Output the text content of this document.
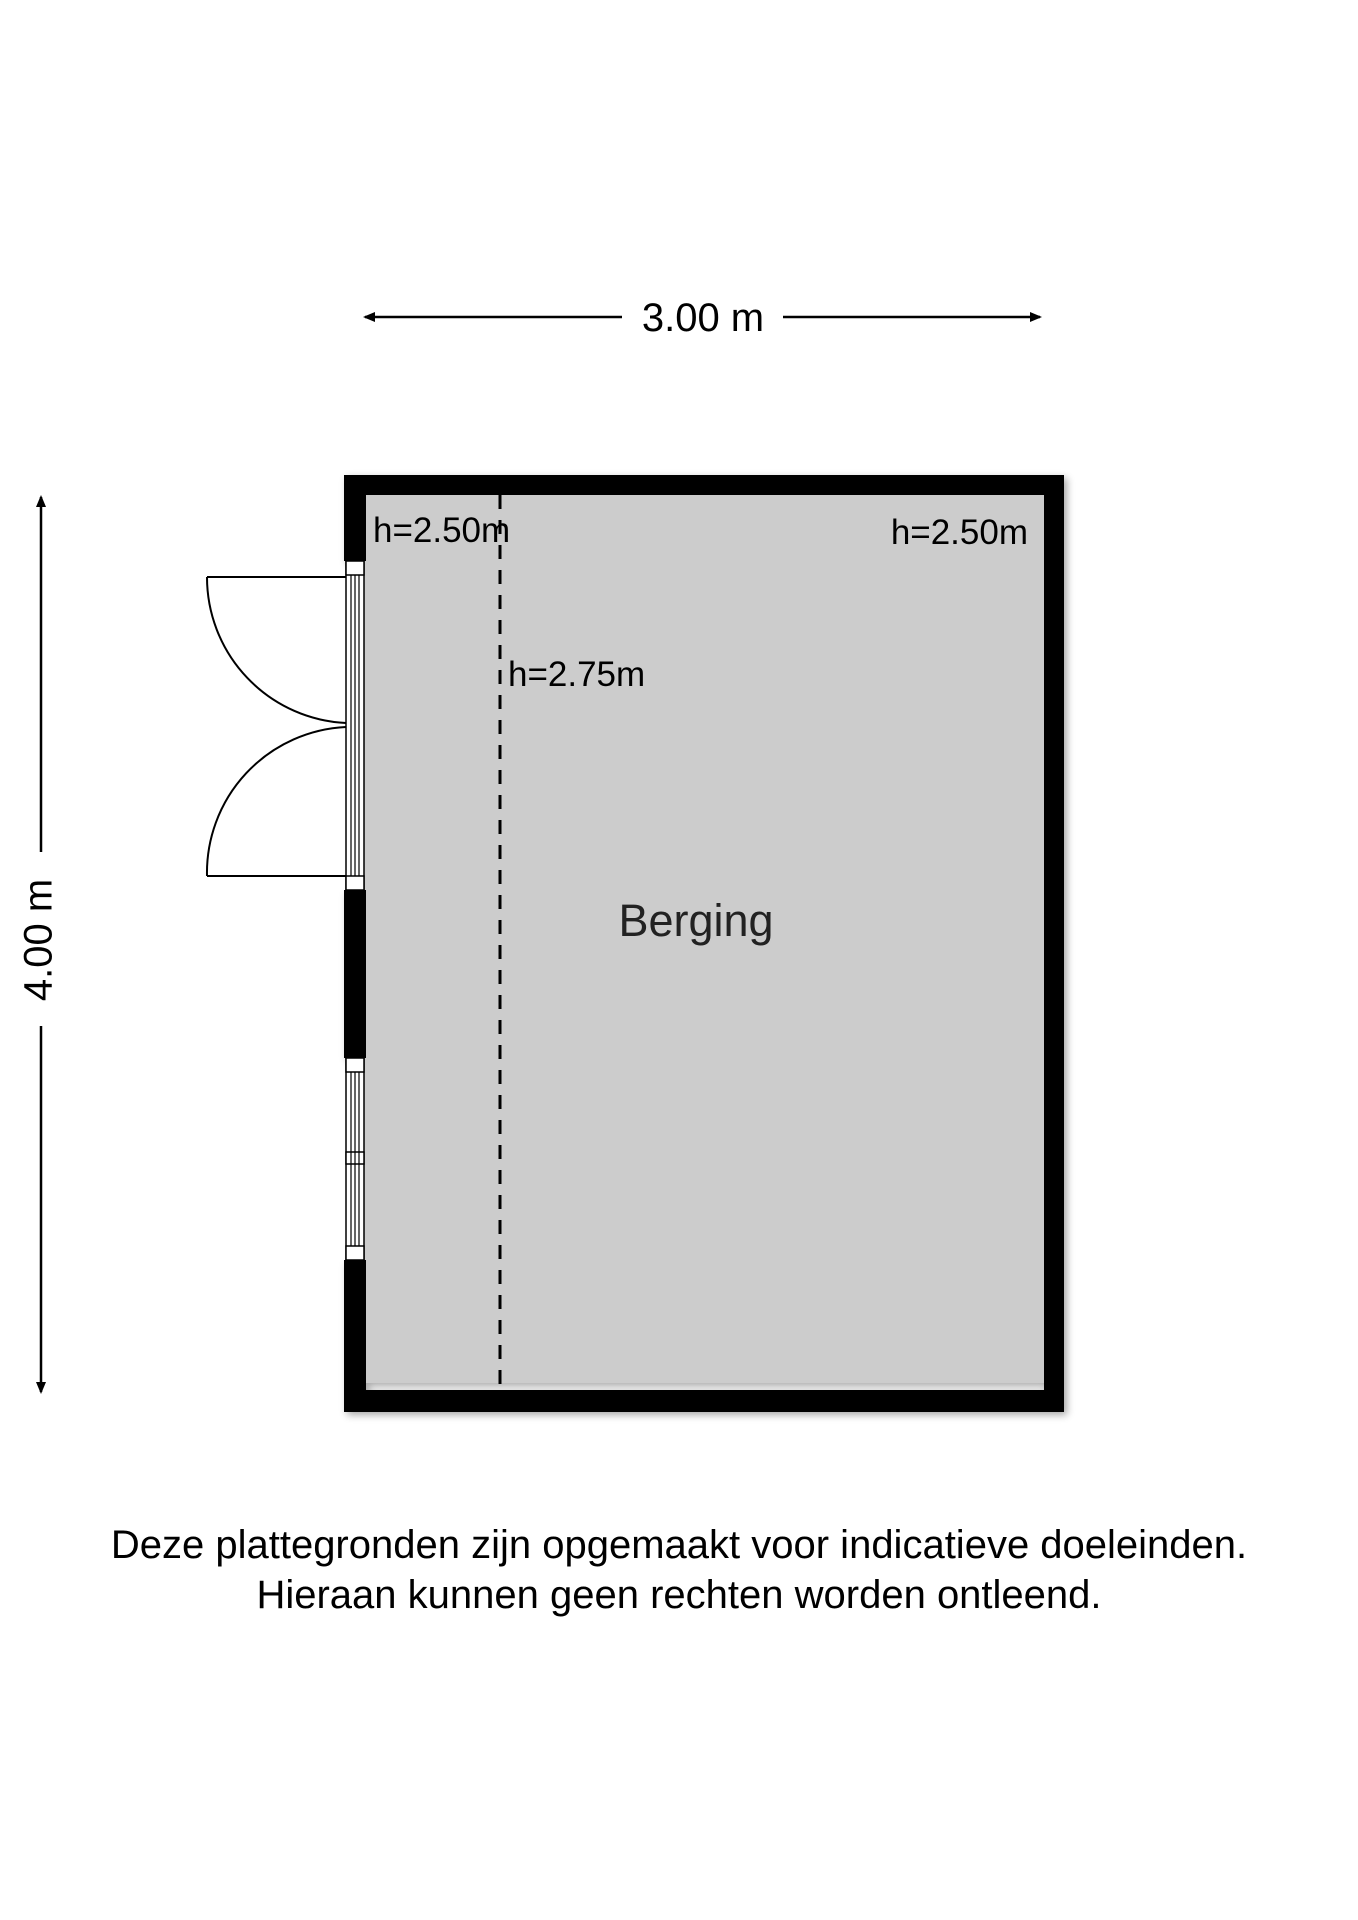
3.00 m
4.00 m
h=2.50m	h=2.50m
h=2.75m
Berging
Deze plattegronden zijn opgemaakt voor indicatieve doeleinden.
Hieraan kunnen geen rechten worden ontleend.
